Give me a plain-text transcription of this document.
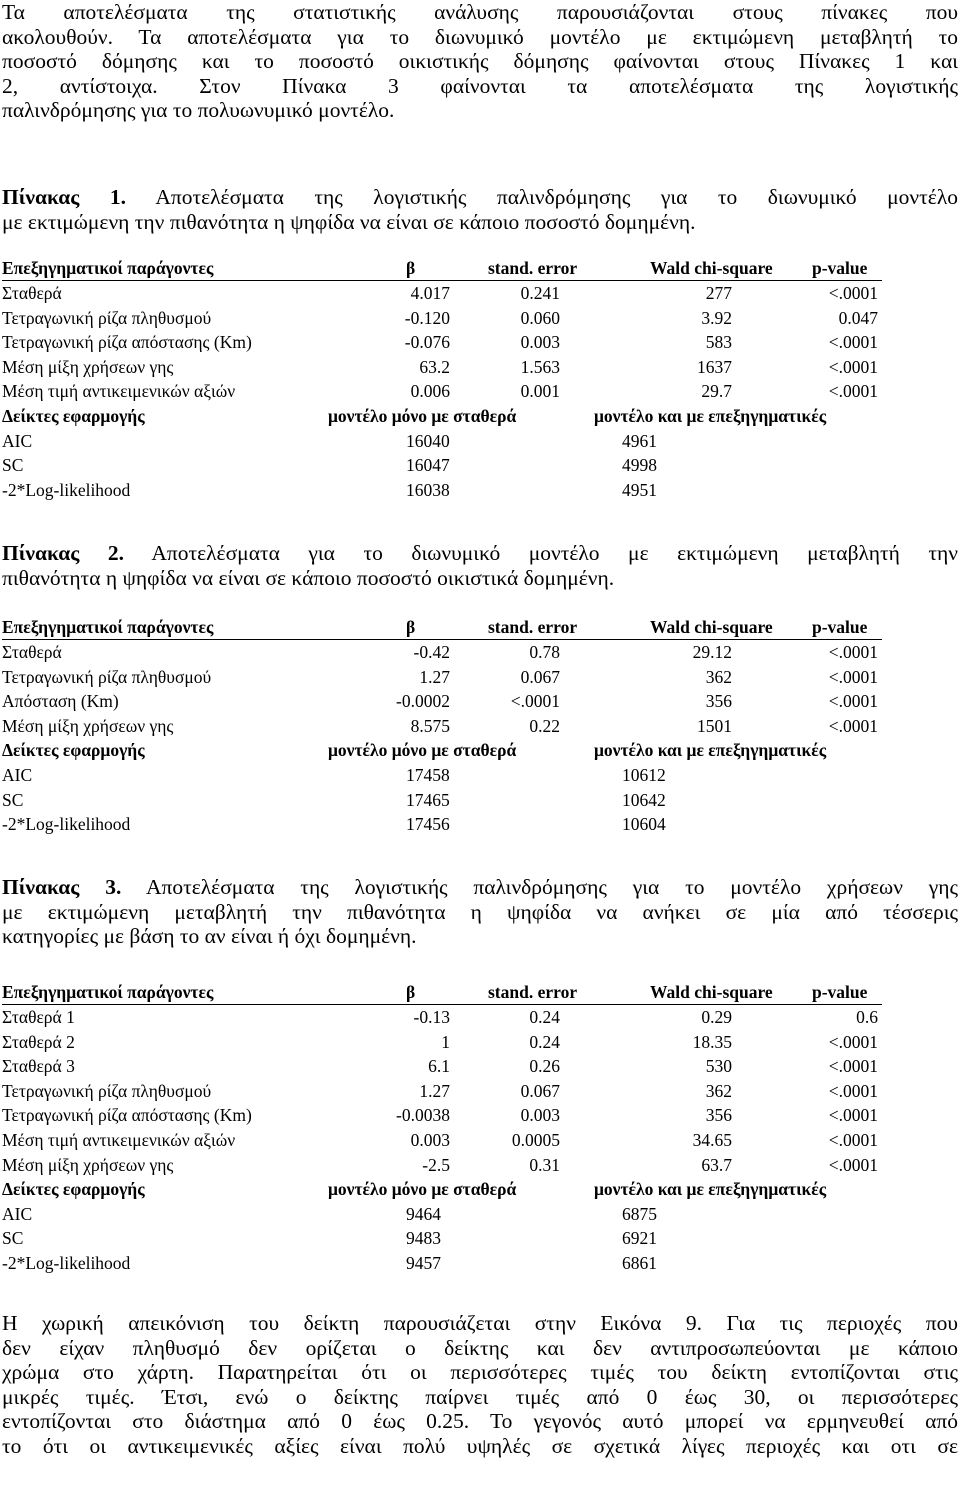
Τα αποτελέσματα της στατιστικής ανάλυσης παρουσιάζονται στους πίνακες που
ακολουθούν. Τα αποτελέσματα για το διωνυμικό μοντέλο με εκτιμώμενη μεταβλητή το
ποσοστό δόμησης και το ποσοστό οικιστικής δόμησης φαίνονται στους Πίνακες 1 και
2, αντίστοιχα. Στον Πίνακα 3 φαίνονται τα αποτελέσματα της λογιστικής
παλινδρόμησης για το πολυωνυμικό μοντέλο.
Πίνακας 1. Αποτελέσματα της λογιστικής παλινδρόμησης για το διωνυμικό μοντέλο
με εκτιμώμενη την πιθανότητα η ψηφίδα να είναι σε κάποιο ποσοστό δομημένη.
Επεξηγηματικοί παράγοντες	β	stand. error	Wald chi-square p-value
Σταθερά	4.017	0.241	277	<.0001
Τετραγωνική ρίζα πληθυσμού	-0.120	0.060	3.92	0.047
Τετραγωνική ρίζα απόστασης (Km)	-0.076	0.003	583	<.0001
Μέση μίξη χρήσεων γης	63.2	1.563	1637	<.0001
Μέση τιμή αντικειμενικών αξιών	0.006	0.001	29.7	<.0001
Δείκτες εφαρμογής	μοντέλο μόνο με σταθερά	μοντέλο και με επεξηγηματικές
AIC	16040	4961
SC	16047	4998
-2*Log-likelihood	16038	4951
Πίνακας 2. Αποτελέσματα για το διωνυμικό μοντέλο με εκτιμώμενη μεταβλητή την
πιθανότητα η ψηφίδα να είναι σε κάποιο ποσοστό οικιστικά δομημένη.
Επεξηγηματικοί παράγοντες	β	stand. error	Wald chi-square p-value
Σταθερά	-0.42	0.78	29.12	<.0001
Τετραγωνική ρίζα πληθυσμού	1.27	0.067	362	<.0001
Απόσταση (Km)	-0.0002	<.0001	356	<.0001
Μέση μίξη χρήσεων γης	8.575	0.22	1501	<.0001
Δείκτες εφαρμογής	μοντέλο μόνο με σταθερά	μοντέλο και με επεξηγηματικές
AIC	17458	10612
SC	17465	10642
-2*Log-likelihood	17456	10604
Πίνακας 3. Αποτελέσματα της λογιστικής παλινδρόμησης για το μοντέλο χρήσεων γης
με εκτιμώμενη μεταβλητή την πιθανότητα η ψηφίδα να ανήκει σε μία από τέσσερις
κατηγορίες με βάση το αν είναι ή όχι δομημένη.
Επεξηγηματικοί παράγοντες	β	stand. error	Wald chi-square p-value
Σταθερά 1	-0.13	0.24	0.29	0.6
Σταθερά 2	1	0.24	18.35	<.0001
Σταθερά 3	6.1	0.26	530	<.0001
Τετραγωνική ρίζα πληθυσμού	1.27	0.067	362	<.0001
Τετραγωνική ρίζα απόστασης (Km)	-0.0038	0.003	356	<.0001
Μέση τιμή αντικειμενικών αξιών	0.003	0.0005	34.65	<.0001
Μέση μίξη χρήσεων γης	-2.5	0.31	63.7	<.0001
Δείκτες εφαρμογής	μοντέλο μόνο με σταθερά	μοντέλο και με επεξηγηματικές
AIC	9464	6875
SC	9483	6921
-2*Log-likelihood	9457	6861
Η χωρική απεικόνιση του δείκτη παρουσιάζεται στην Εικόνα 9. Για τις περιοχές που
δεν είχαν πληθυσμό δεν ορίζεται ο δείκτης και δεν αντιπροσωπεύονται με κάποιο
χρώμα στο χάρτη. Παρατηρείται ότι οι περισσότερες τιμές του δείκτη εντοπίζονται στις
μικρές τιμές. Έτσι, ενώ ο δείκτης παίρνει τιμές από 0 έως 30, οι περισσότερες
εντοπίζονται στο διάστημα από 0 έως 0.25. Το γεγονός αυτό μπορεί να ερμηνευθεί από
το ότι οι αντικειμενικές αξίες είναι πολύ υψηλές σε σχετικά λίγες περιοχές και οτι σε
